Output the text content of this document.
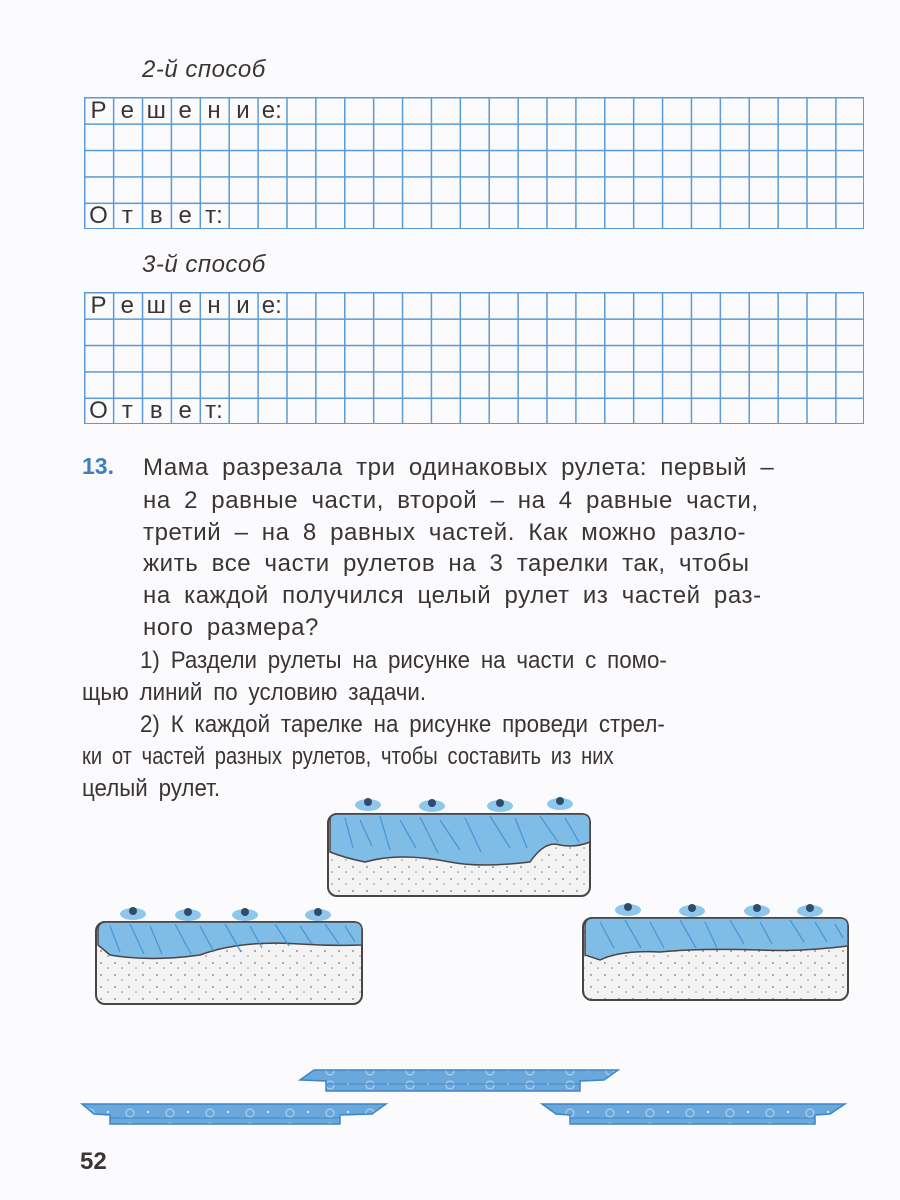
2-й способ
Р е ш е н и е:
О т в е т:
3-й способ
Р е ш е н и е:
О т в е т:
13. Мама разрезала три одинаковых рулета: первый –
на 2 равные части, второй – на 4 равные части,
третий – на 8 равных частей. Как можно разло-
жить все части рулетов на 3 тарелки так, чтобы
на каждой получился целый рулет из частей раз-
ного размера?
1) Раздели рулеты на рисунке на части с помо-
щью линий по условию задачи.
2) К каждой тарелке на рисунке проведи стрел-
ки от частей разных рулетов, чтобы составить из них
целый рулет.
52
